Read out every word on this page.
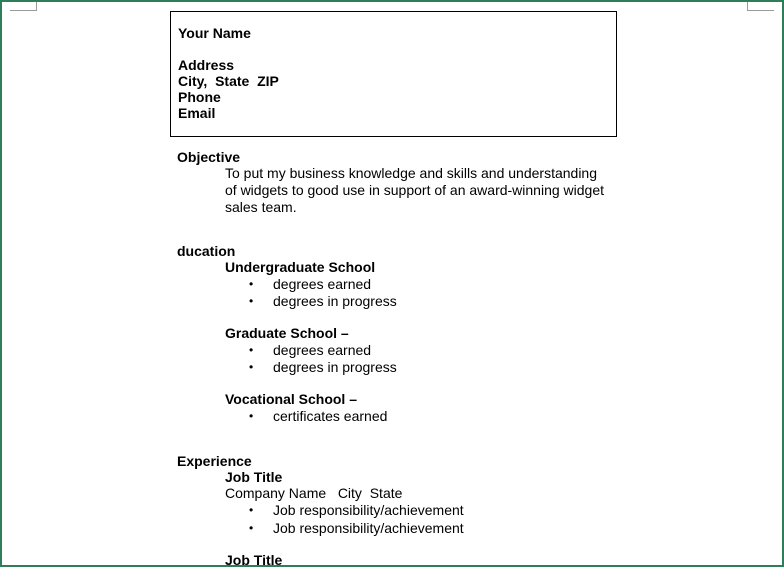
Your Name
Address
City,  State  ZIP
Phone
Email
Objective
To put my business knowledge and skills and understanding
of widgets to good use in support of an award-winning widget
sales team.
ducation
Undergraduate School
• degrees earned
• degrees in progress
Graduate School –
• degrees earned
• degrees in progress
Vocational School –
• certificates earned
Experience
Job Title
Company Name   City  State
• Job responsibility/achievement
• Job responsibility/achievement
Job Title
